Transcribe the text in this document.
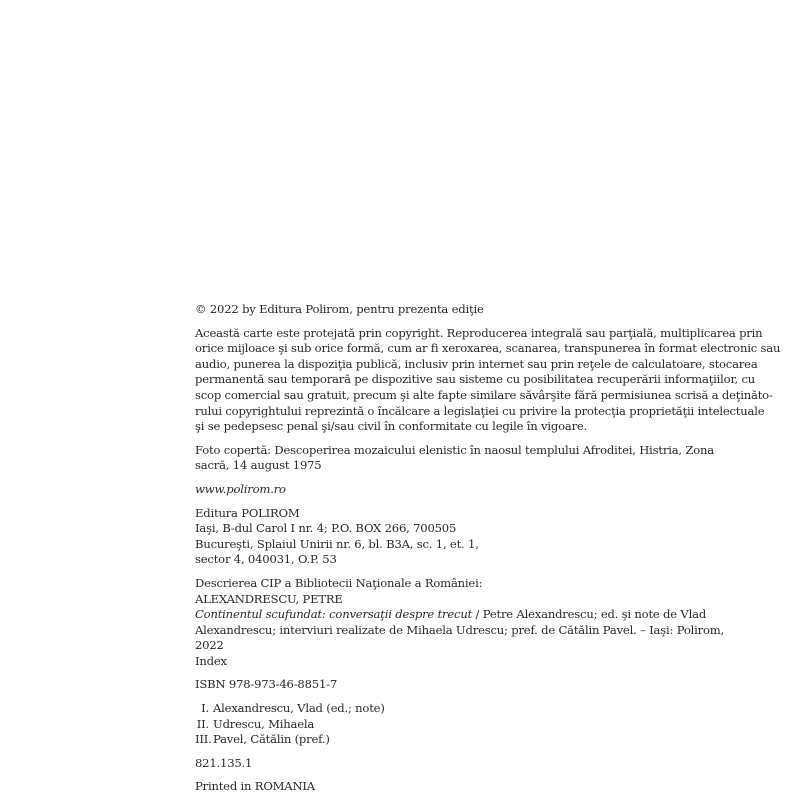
© 2022 by Editura Polirom, pentru prezenta ediţie
Această carte este protejată prin copyright. Reproducerea integrală sau parţială, multiplicarea prin
orice mijloace şi sub orice formă, cum ar fi xeroxarea, scanarea, transpunerea în format electronic sau
audio, punerea la dispoziţia publică, inclusiv prin internet sau prin reţele de calculatoare, stocarea
permanentă sau temporară pe dispozitive sau sisteme cu posibilitatea recuperării informaţiilor, cu
scop comercial sau gratuit, precum şi alte fapte similare săvârşite fără permisiunea scrisă a deţinăto-
rului copyrightului reprezintă o încălcare a legislaţiei cu privire la protecţia proprietăţii intelectuale
şi se pedepsesc penal şi/sau civil în conformitate cu legile în vigoare.
Foto copertă: Descoperirea mozaicului elenistic în naosul templului Afroditei, Histria, Zona
sacră, 14 august 1975
www.polirom.ro
Editura POLIROM
Iaşi, B-dul Carol I nr. 4; P.O. BOX 266, 700505
Bucureşti, Splaiul Unirii nr. 6, bl. B3A, sc. 1, et. 1,
sector 4, 040031, O.P. 53
Descrierea CIP a Bibliotecii Naţionale a României:
ALEXANDRESCU, PETRE
Continentul scufundat: conversaţii despre trecut / Petre Alexandrescu; ed. şi note de Vlad
Alexandrescu; interviuri realizate de Mihaela Udrescu; pref. de Cătălin Pavel. – Iaşi: Polirom,
2022
Index
ISBN 978-973-46-8851-7
I. Alexandrescu, Vlad (ed.; note)
II. Udrescu, Mihaela
III.Pavel, Cătălin (pref.)
821.135.1
Printed in ROMANIA
